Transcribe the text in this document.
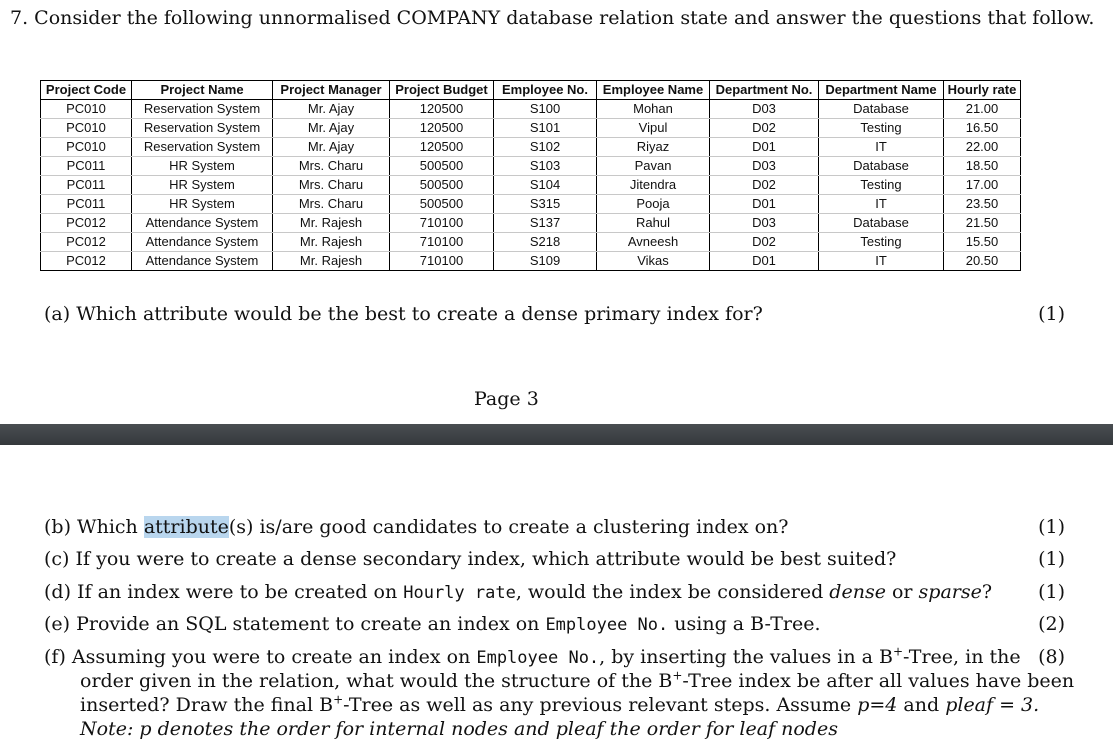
7. Consider the following unnormalised COMPANY database relation state and answer the questions that follow.
Project Code	Project Name	Project Manager	Project Budget	Employee No.	Employee Name	Department No.	Department Name	Hourly rate
PC010	Reservation System	Mr. Ajay	120500	S100	Mohan	D03	Database	21.00
PC010	Reservation System	Mr. Ajay	120500	S101	Vipul	D02	Testing	16.50
PC010	Reservation System	Mr. Ajay	120500	S102	Riyaz	D01	IT	22.00
PC011	HR System	Mrs. Charu	500500	S103	Pavan	D03	Database	18.50
PC011	HR System	Mrs. Charu	500500	S104	Jitendra	D02	Testing	17.00
PC011	HR System	Mrs. Charu	500500	S315	Pooja	D01	IT	23.50
PC012	Attendance System	Mr. Rajesh	710100	S137	Rahul	D03	Database	21.50
PC012	Attendance System	Mr. Rajesh	710100	S218	Avneesh	D02	Testing	15.50
PC012	Attendance System	Mr. Rajesh	710100	S109	Vikas	D01	IT	20.50
(a) Which attribute would be the best to create a dense primary index for?	(1)
Page 3
(b) Which attribute(s) is/are good candidates to create a clustering index on?	(1)
(c) If you were to create a dense secondary index, which attribute would be best suited?	(1)
(d) If an index were to be created on Hourly rate, would the index be considered dense or sparse? (1)
(e) Provide an SQL statement to create an index on Employee No. using a B-Tree.	(2)
(f) Assuming you were to create an index on Employee No., by inserting the values in a B+-Tree, in the (8)
order given in the relation, what would the structure of the B+-Tree index be after all values have been
inserted? Draw the final B+-Tree as well as any previous relevant steps. Assume p=4 and pleaf = 3.
Note: p denotes the order for internal nodes and pleaf the order for leaf nodes
